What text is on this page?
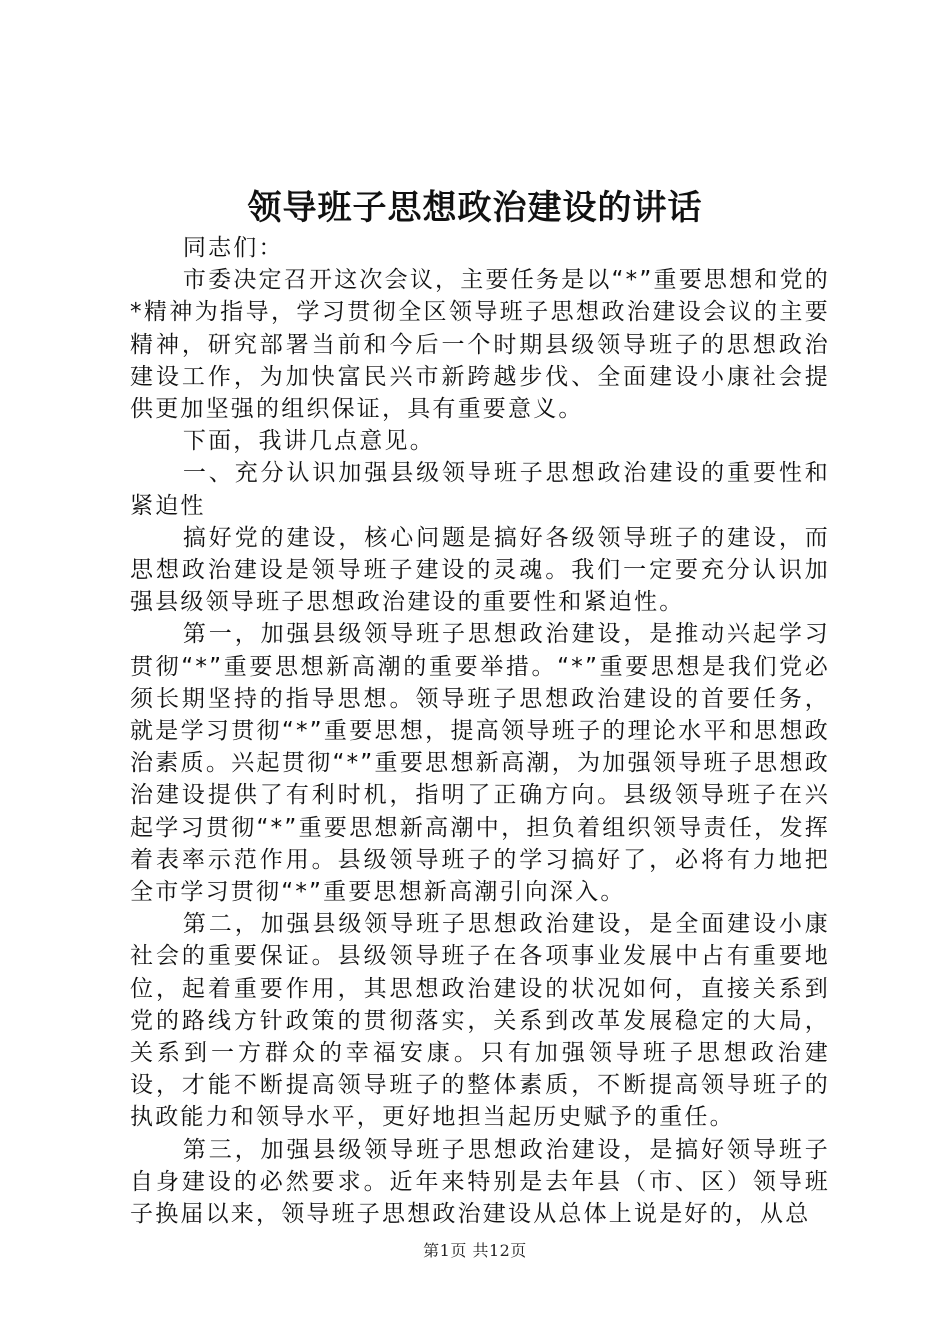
领导班子思想政治建设的讲话

同志们：

市委决定召开这次会议，主要任务是以“*”重要思想和党的*精神为指导，学习贯彻全区领导班子思想政治建设会议的主要精神，研究部署当前和今后一个时期县级领导班子的思想政治建设工作，为加快富民兴市新跨越步伐、全面建设小康社会提供更加坚强的组织保证，具有重要意义。

下面，我讲几点意见。

一、充分认识加强县级领导班子思想政治建设的重要性和紧迫性

搞好党的建设，核心问题是搞好各级领导班子的建设，而思想政治建设是领导班子建设的灵魂。我们一定要充分认识加强县级领导班子思想政治建设的重要性和紧迫性。

第一，加强县级领导班子思想政治建设，是推动兴起学习贯彻“*”重要思想新高潮的重要举措。“*”重要思想是我们党必须长期坚持的指导思想。领导班子思想政治建设的首要任务，就是学习贯彻“*”重要思想，提高领导班子的理论水平和思想政治素质。兴起贯彻“*”重要思想新高潮，为加强领导班子思想政治建设提供了有利时机，指明了正确方向。县级领导班子在兴起学习贯彻“*”重要思想新高潮中，担负着组织领导责任，发挥着表率示范作用。县级领导班子的学习搞好了，必将有力地把全市学习贯彻“*”重要思想新高潮引向深入。

第二，加强县级领导班子思想政治建设，是全面建设小康社会的重要保证。县级领导班子在各项事业发展中占有重要地位，起着重要作用，其思想政治建设的状况如何，直接关系到党的路线方针政策的贯彻落实，关系到改革发展稳定的大局，关系到一方群众的幸福安康。只有加强领导班子思想政治建设，才能不断提高领导班子的整体素质，不断提高领导班子的执政能力和领导水平，更好地担当起历史赋予的重任。

第三，加强县级领导班子思想政治建设，是搞好领导班子自身建设的必然要求。近年来特别是去年县（市、区）领导班子换届以来，领导班子思想政治建设从总体上说是好的，从总

第1页 共12页
